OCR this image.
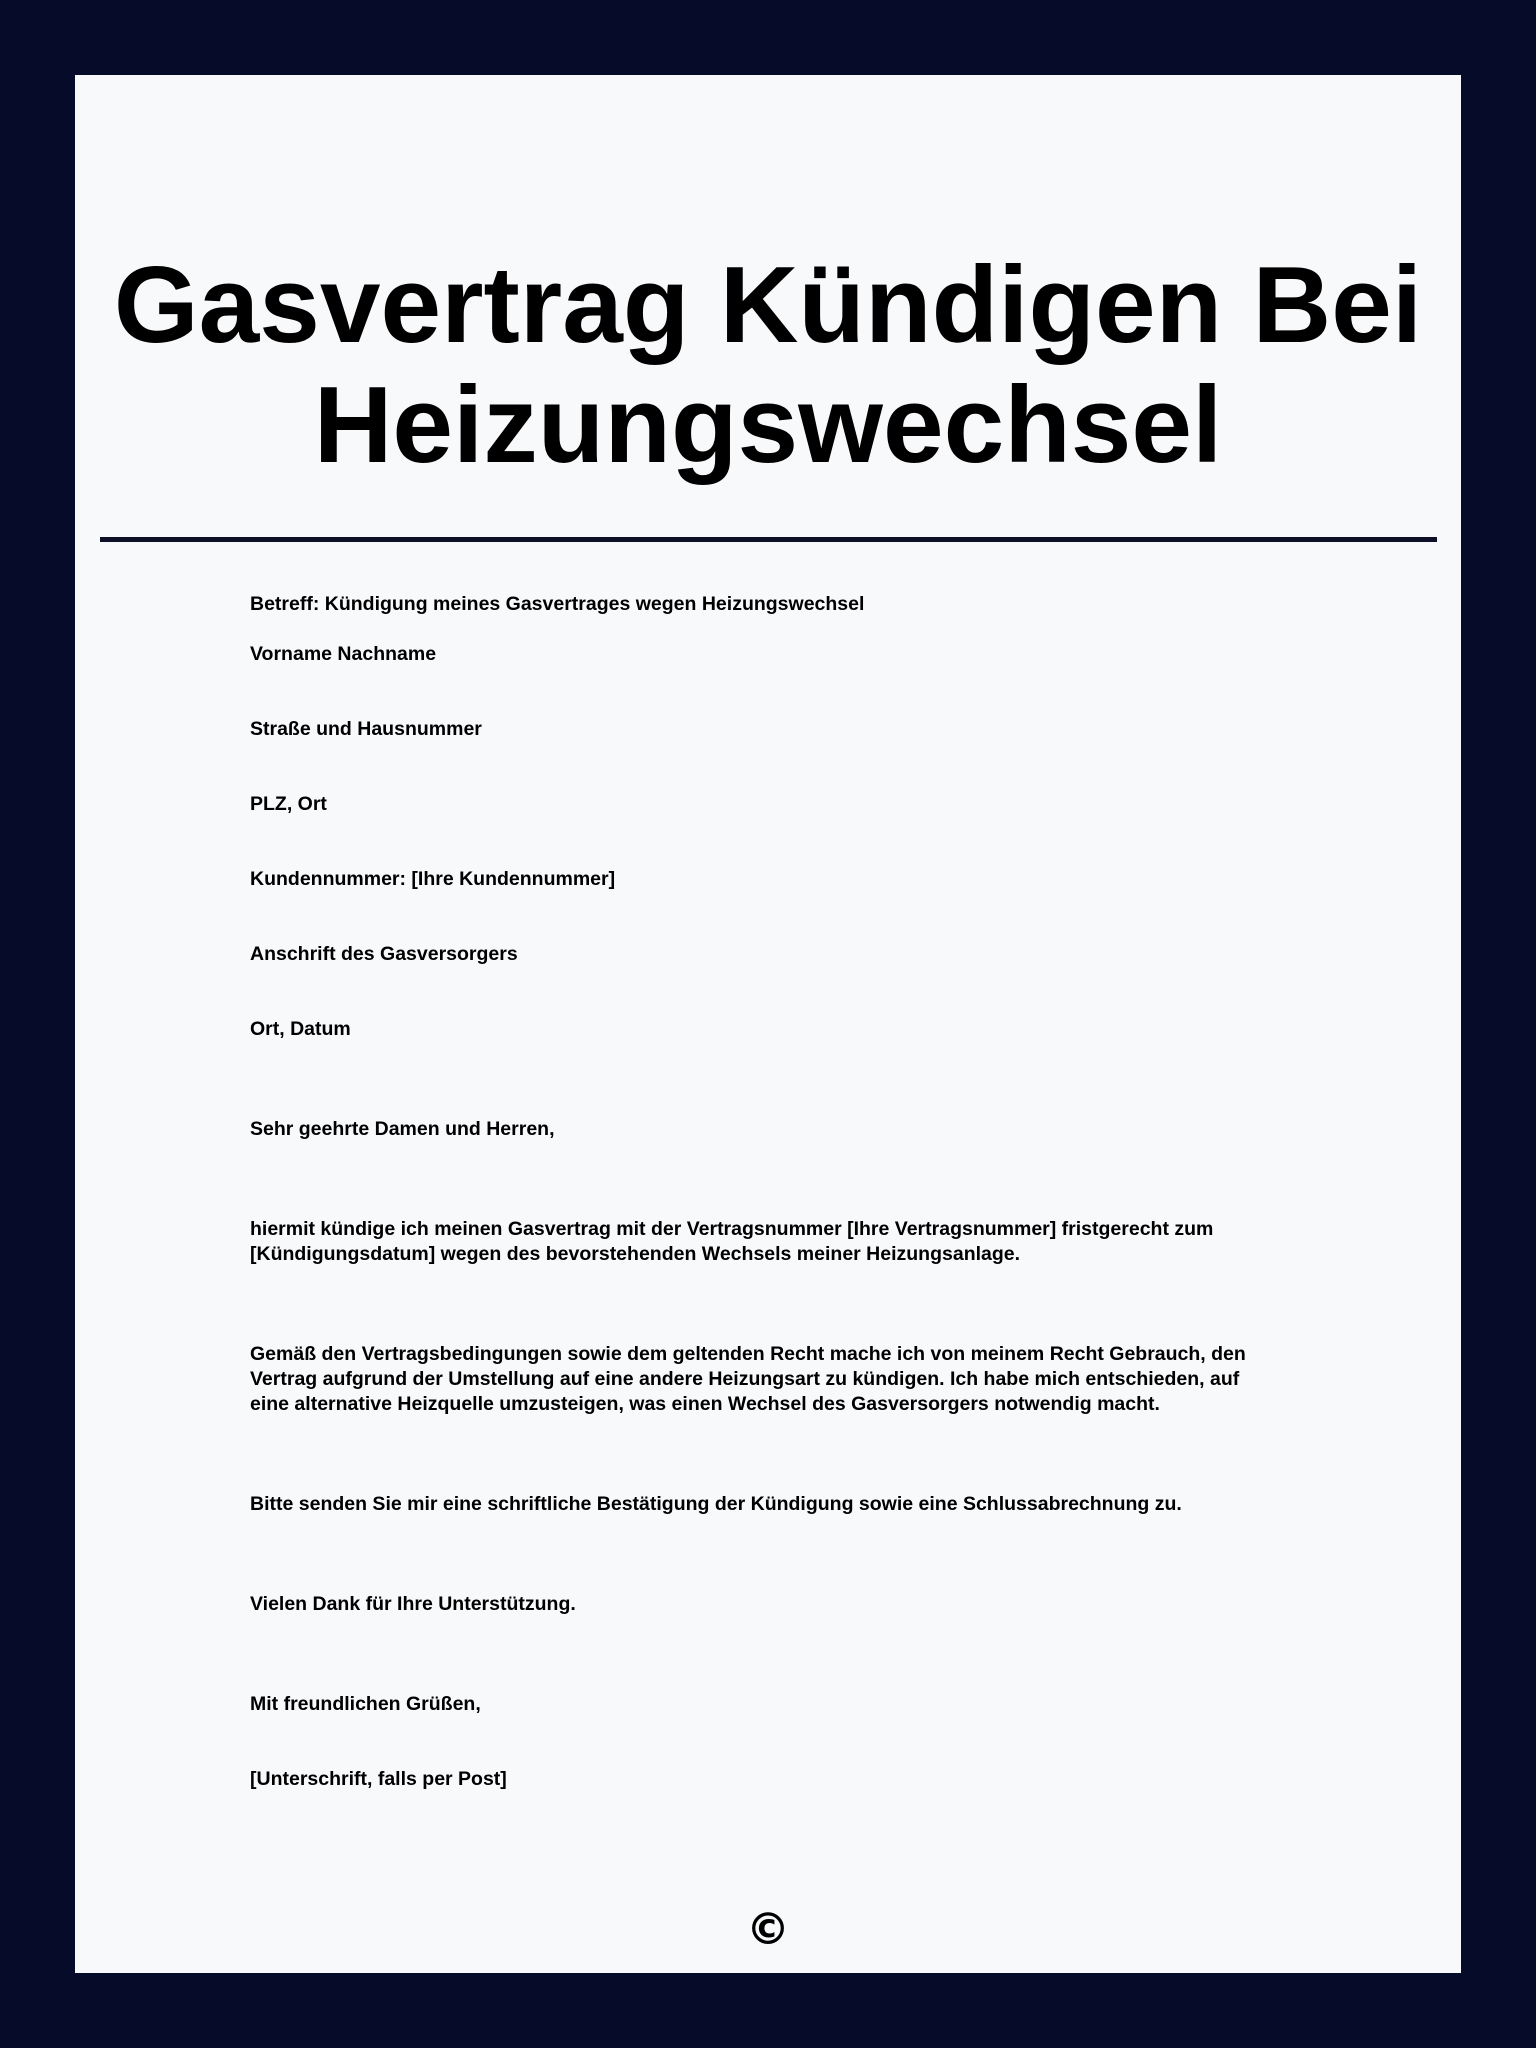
Gasvertrag Kündigen Bei Heizungswechsel

Betreff: Kündigung meines Gasvertrages wegen Heizungswechsel

Vorname Nachname

Straße und Hausnummer

PLZ, Ort

Kundennummer: [Ihre Kundennummer]

Anschrift des Gasversorgers

Ort, Datum

Sehr geehrte Damen und Herren,

hiermit kündige ich meinen Gasvertrag mit der Vertragsnummer [Ihre Vertragsnummer] fristgerecht zum

[Kündigungsdatum] wegen des bevorstehenden Wechsels meiner Heizungsanlage.

Gemäß den Vertragsbedingungen sowie dem geltenden Recht mache ich von meinem Recht Gebrauch, den

Vertrag aufgrund der Umstellung auf eine andere Heizungsart zu kündigen. Ich habe mich entschieden, auf

eine alternative Heizquelle umzusteigen, was einen Wechsel des Gasversorgers notwendig macht.

Bitte senden Sie mir eine schriftliche Bestätigung der Kündigung sowie eine Schlussabrechnung zu.

Vielen Dank für Ihre Unterstützung.

Mit freundlichen Grüßen,

[Unterschrift, falls per Post]

©
